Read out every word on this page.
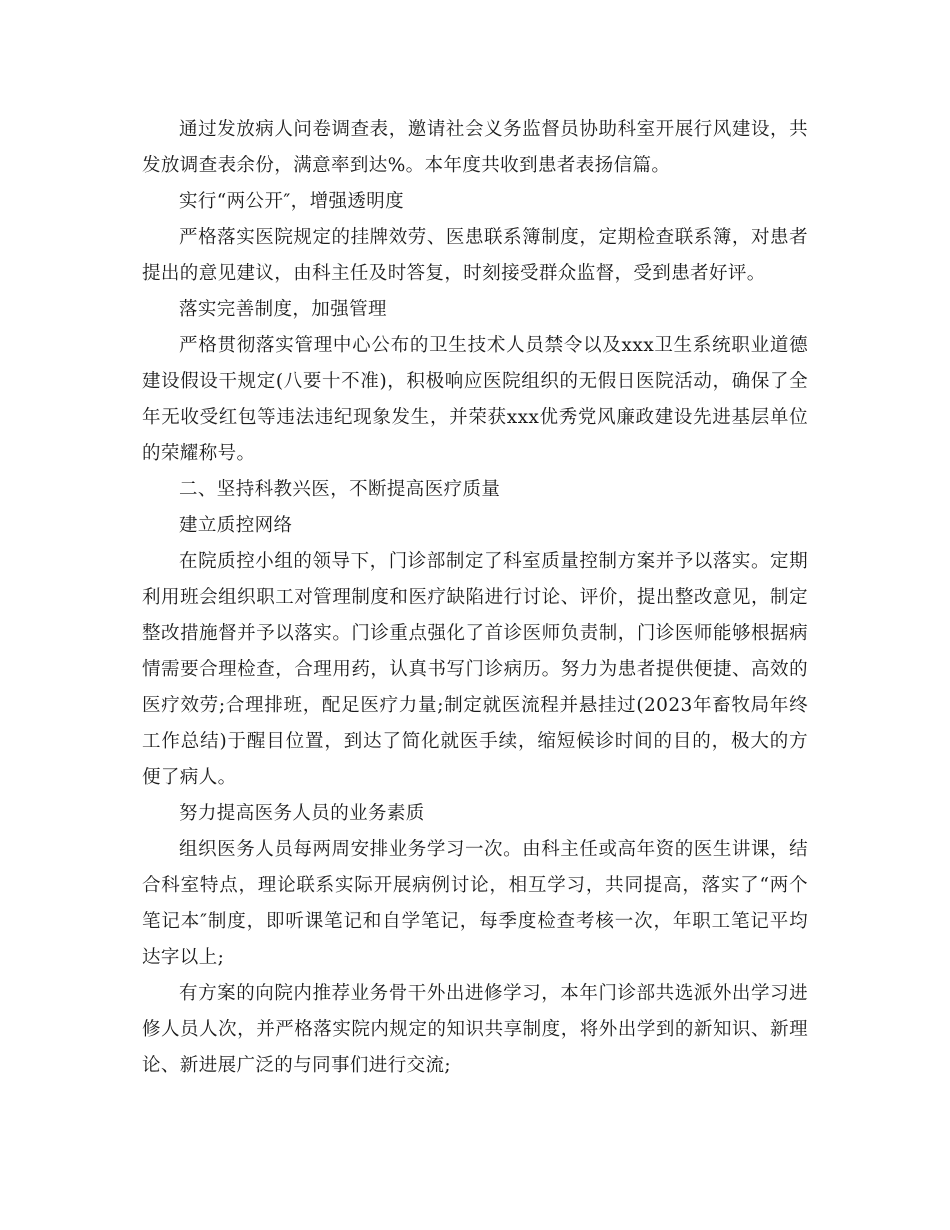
通过发放病人问卷调查表，邀请社会义务监督员协助科室开展行风建设，共发放调查表余份，满意率到达%。本年度共收到患者表扬信篇。

实行“两公开″，增强透明度

严格落实医院规定的挂牌效劳、医患联系簿制度，定期检查联系簿，对患者提出的意见建议，由科主任及时答复，时刻接受群众监督，受到患者好评。

落实完善制度，加强管理

严格贯彻落实管理中心公布的卫生技术人员禁令以及xxx卫生系统职业道德建设假设干规定(八要十不准)，积极响应医院组织的无假日医院活动，确保了全年无收受红包等违法违纪现象发生，并荣获xxx优秀党风廉政建设先进基层单位的荣耀称号。

二、坚持科教兴医，不断提高医疗质量

建立质控网络

在院质控小组的领导下，门诊部制定了科室质量控制方案并予以落实。定期利用班会组织职工对管理制度和医疗缺陷进行讨论、评价，提出整改意见，制定整改措施督并予以落实。门诊重点强化了首诊医师负责制，门诊医师能够根据病情需要合理检查，合理用药，认真书写门诊病历。努力为患者提供便捷、高效的医疗效劳;合理排班，配足医疗力量;制定就医流程并悬挂过(2023年畜牧局年终工作总结)于醒目位置，到达了简化就医手续，缩短候诊时间的目的，极大的方便了病人。

努力提高医务人员的业务素质

组织医务人员每两周安排业务学习一次。由科主任或高年资的医生讲课，结合科室特点，理论联系实际开展病例讨论，相互学习，共同提高，落实了“两个笔记本″制度，即听课笔记和自学笔记，每季度检查考核一次，年职工笔记平均达字以上;

有方案的向院内推荐业务骨干外出进修学习，本年门诊部共选派外出学习进修人员人次，并严格落实院内规定的知识共享制度，将外出学到的新知识、新理论、新进展广泛的与同事们进行交流;
